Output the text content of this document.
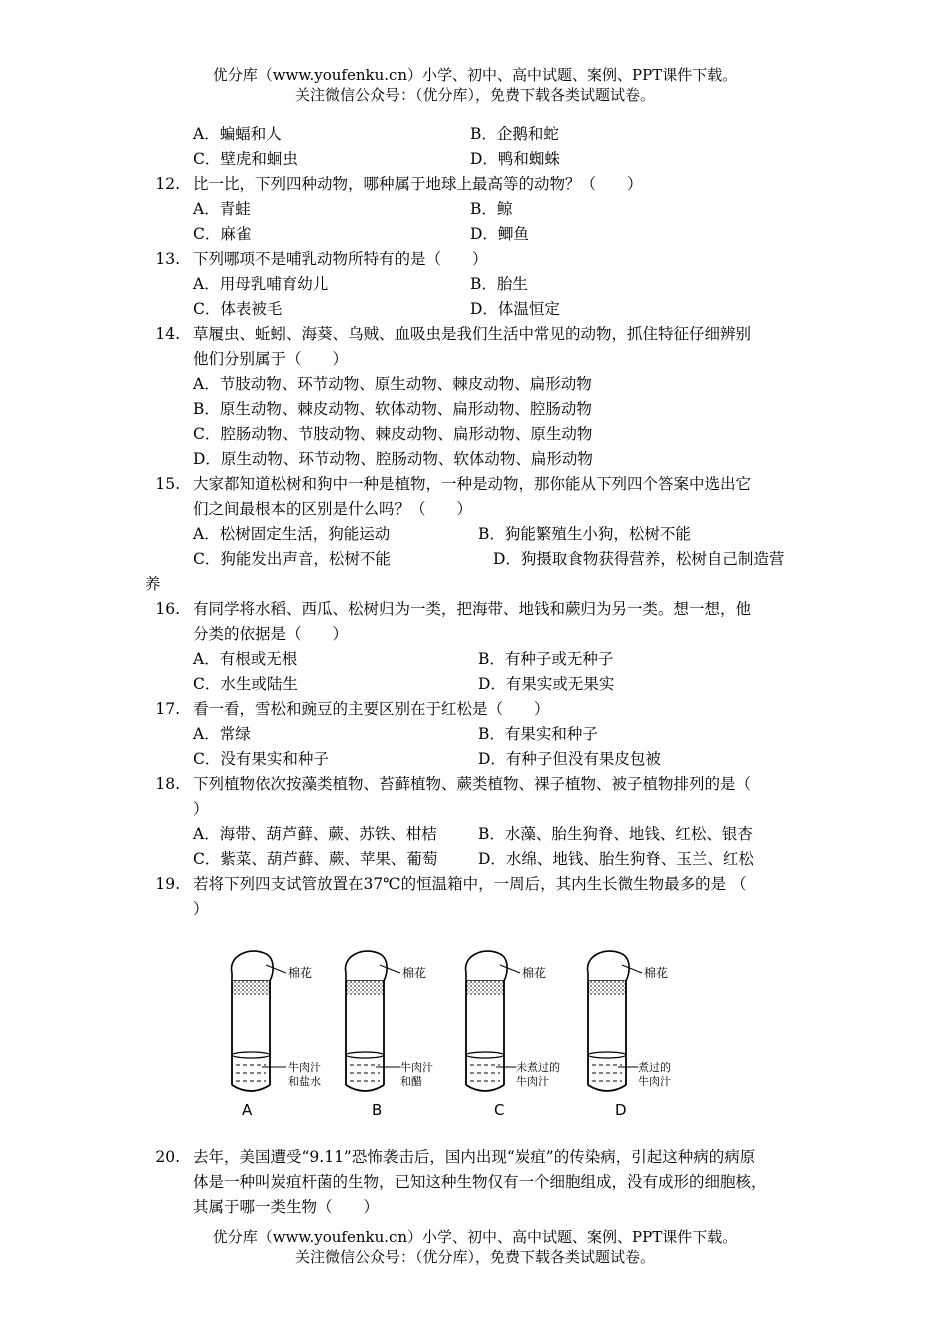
优分库（www.youfenku.cn）小学、初中、高中试题、案例、PPT课件下载。
关注微信公众号：（优分库），免费下载各类试题试卷。
A．蝙蝠和人	B．企鹅和蛇
C．壁虎和蛔虫	D．鸭和蜘蛛
12. 比一比，下列四种动物，哪种属于地球上最高等的动物？（　　）
A．青蛙	B．鲸
C．麻雀	D．鲫鱼
13. 下列哪项不是哺乳动物所特有的是（　　）
A．用母乳哺育幼儿	B．胎生
C．体表被毛	D．体温恒定
14. 草履虫、蚯蚓、海葵、乌贼、血吸虫是我们生活中常见的动物，抓住特征仔细辨别
他们分别属于（　　）
A．节肢动物、环节动物、原生动物、棘皮动物、扁形动物
B．原生动物、棘皮动物、软体动物、扁形动物、腔肠动物
C．腔肠动物、节肢动物、棘皮动物、扁形动物、原生动物
D．原生动物、环节动物、腔肠动物、软体动物、扁形动物
15. 大家都知道松树和狗中一种是植物，一种是动物，那你能从下列四个答案中选出它
们之间最根本的区别是什么吗？（　　）
A．松树固定生活，狗能运动	B．狗能繁殖生小狗，松树不能
C．狗能发出声音，松树不能	D．狗摄取食物获得营养，松树自己制造营
养
16. 有同学将水稻、西瓜、松树归为一类，把海带、地钱和蕨归为另一类。想一想，他
分类的依据是（　　）
A．有根或无根	B．有种子或无种子
C．水生或陆生	D．有果实或无果实
17. 看一看，雪松和豌豆的主要区别在于红松是（　　）
A．常绿	B．有果实和种子
C．没有果实和种子	D．有种子但没有果皮包被
18. 下列植物依次按藻类植物、苔藓植物、蕨类植物、裸子植物、被子植物排列的是（
）
A．海带、葫芦藓、蕨、苏铁、柑桔	B．水藻、胎生狗脊、地钱、红松、银杏
C．紫菜、葫芦藓、蕨、苹果、葡萄	D．水绵、地钱、胎生狗脊、玉兰、红松
19. 若将下列四支试管放置在37℃的恒温箱中，一周后，其内生长微生物最多的是 （
）
棉花
牛肉汁
和盐水
A
棉花
牛肉汁
和醋
B
棉花
未煮过的
牛肉汁
C
棉花
煮过的
牛肉汁
D
20. 去年，美国遭受“9.11”恐怖袭击后，国内出现“炭疽”的传染病，引起这种病的病原
体是一种叫炭疽杆菌的生物，已知这种生物仅有一个细胞组成，没有成形的细胞核，
其属于哪一类生物（　　）
优分库（www.youfenku.cn）小学、初中、高中试题、案例、PPT课件下载。
关注微信公众号：（优分库），免费下载各类试题试卷。
